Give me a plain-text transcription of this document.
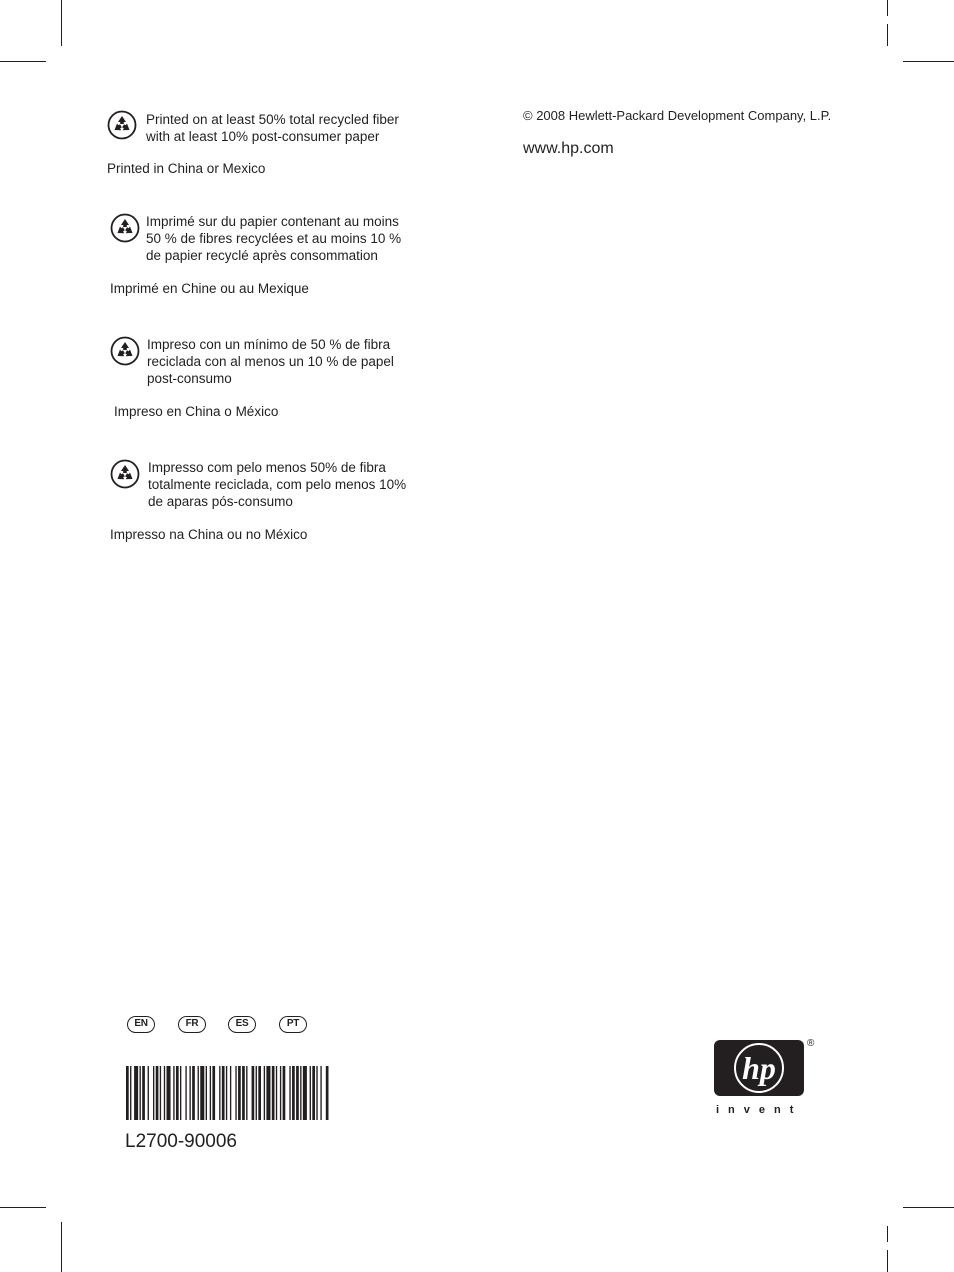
Printed on at least 50% total recycled fiber
with at least 10% post-consumer paper
Printed in China or Mexico
Imprimé sur du papier contenant au moins
50 % de fibres recyclées et au moins 10 %
de papier recyclé après consommation
Imprimé en Chine ou au Mexique
Impreso con un mínimo de 50 % de fibra
reciclada con al menos un 10 % de papel
post-consumo
Impreso en China o México
Impresso com pelo menos 50% de fibra
totalmente reciclada, com pelo menos 10%
de aparas pós-consumo
Impresso na China ou no México
© 2008 Hewlett-Packard Development Company, L.P.
www.hp.com
EN	FR	ES	PT
L2700-90006
hp
®
invent
